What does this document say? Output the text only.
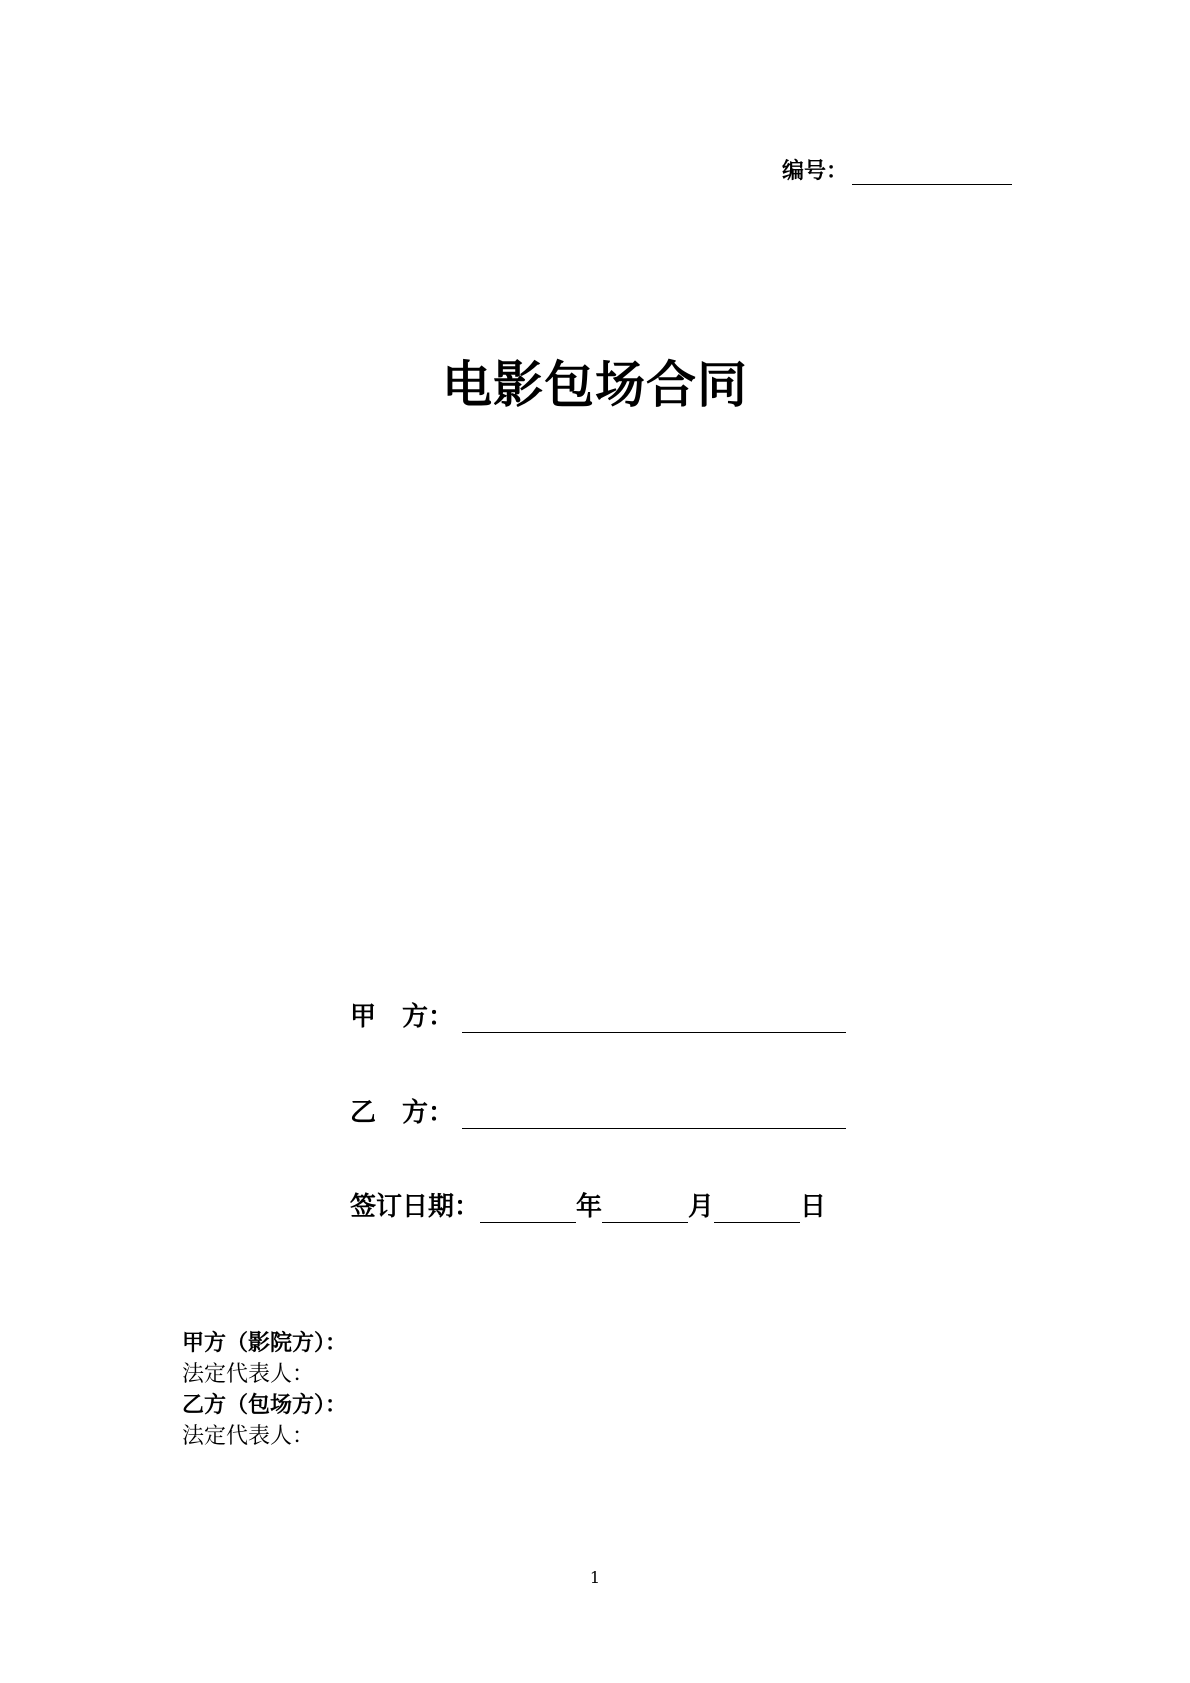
编号：
电影包场合同
甲　方：
乙　方：
签订日期：	年	月	日
甲方（影院方）：
法定代表人：
乙方（包场方）：
法定代表人：
1
